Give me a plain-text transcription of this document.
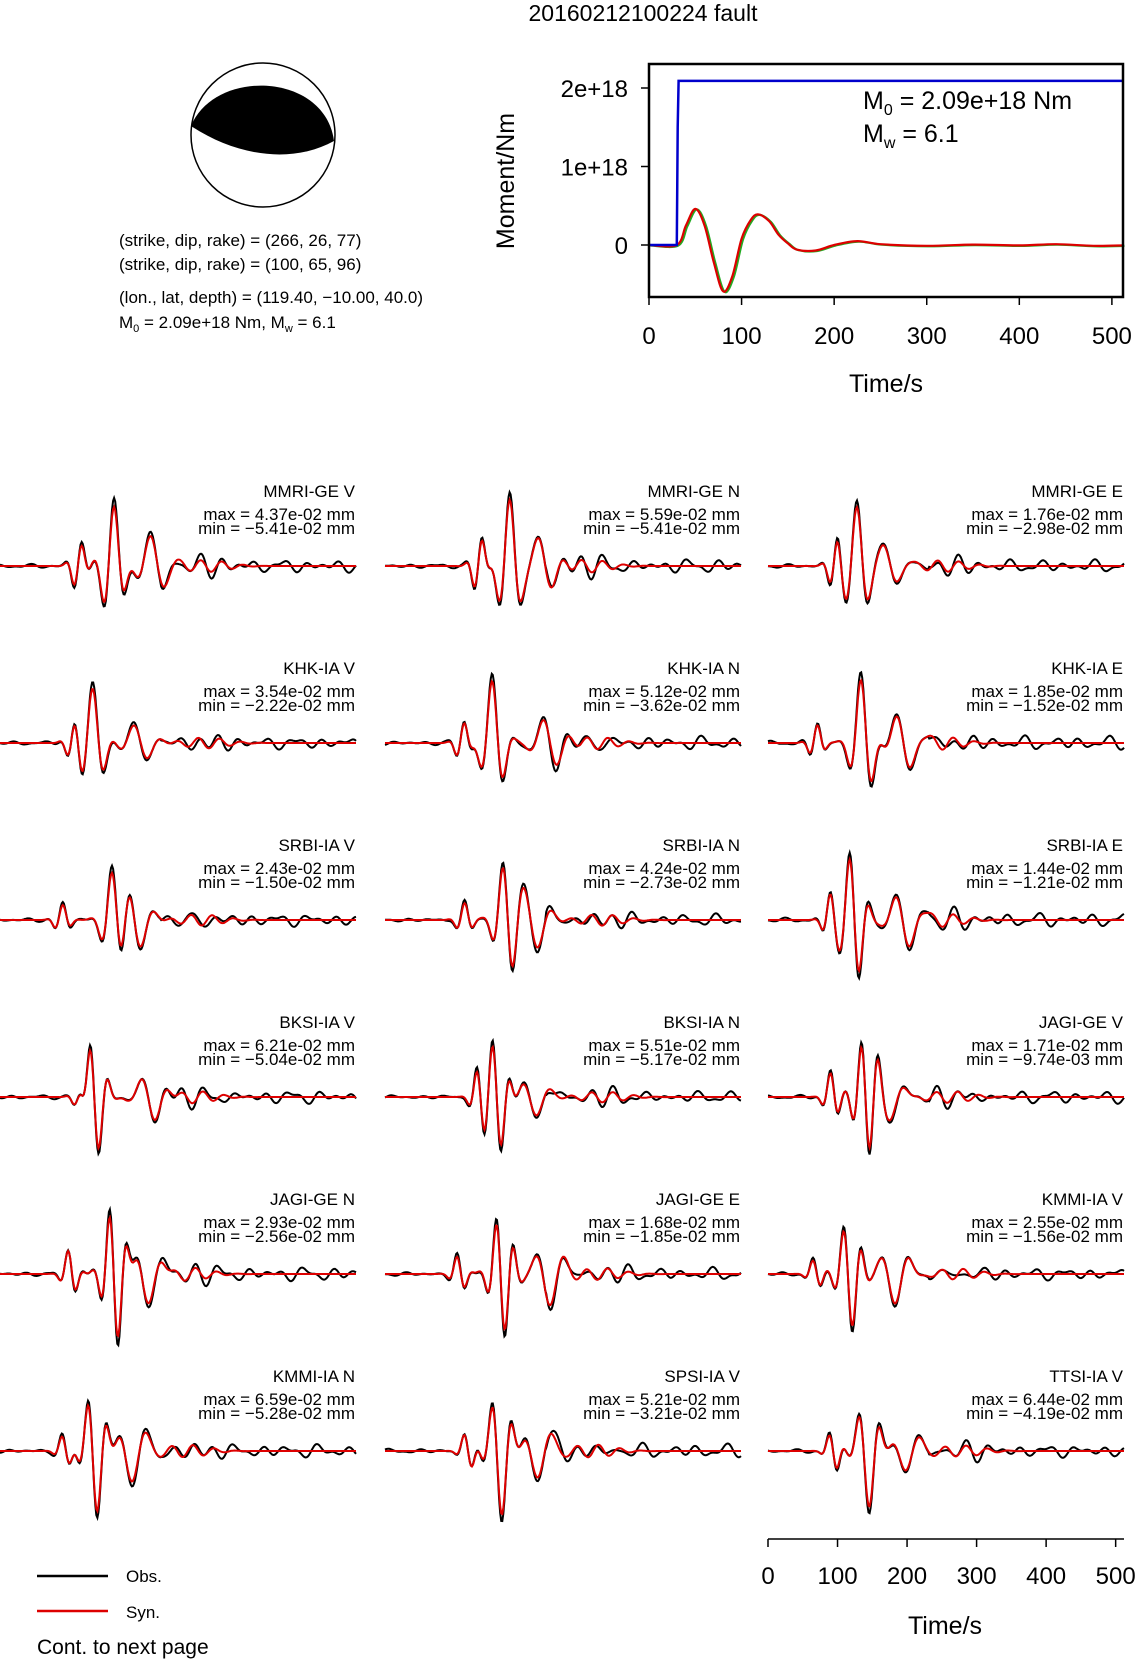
20160212100224 fault
(strike, dip, rake) = (266, 26, 77)
(strike, dip, rake) = (100, 65, 96)
(lon., lat, depth) = (119.40, −10.00, 40.0)
$M_0 = 2.09e+18$ Nm, $M_w = 6.1$
0	100 200 300 400 500
0
1e+18
2e+18
Moment/Nm
Time/s
$M_0 = 2.09e+18$ Nm
$M_w = 6.1$
MMRI-GE V
max = 4.37e-02 mm
min = −5.41e-02 mm
MMRI-GE N
max = 5.59e-02 mm
min = −5.41e-02 mm
MMRI-GE E
max = 1.76e-02 mm
min = −2.98e-02 mm
KHK-IA V
max = 3.54e-02 mm
min = −2.22e-02 mm
KHK-IA N
max = 5.12e-02 mm
min = −3.62e-02 mm
KHK-IA E
max = 1.85e-02 mm
min = −1.52e-02 mm
SRBI-IA V
max = 2.43e-02 mm
min = −1.50e-02 mm
SRBI-IA N
max = 4.24e-02 mm
min = −2.73e-02 mm
SRBI-IA E
max = 1.44e-02 mm
min = −1.21e-02 mm
BKSI-IA V
max = 6.21e-02 mm
min = −5.04e-02 mm
BKSI-IA N
max = 5.51e-02 mm
min = −5.17e-02 mm
JAGI-GE V
max = 1.71e-02 mm
min = −9.74e-03 mm
JAGI-GE N
max = 2.93e-02 mm
min = −2.56e-02 mm
JAGI-GE E
max = 1.68e-02 mm
min = −1.85e-02 mm
KMMI-IA V
max = 2.55e-02 mm
min = −1.56e-02 mm
KMMI-IA N
max = 6.59e-02 mm
min = −5.28e-02 mm
SPSI-IA V
max = 5.21e-02 mm
min = −3.21e-02 mm
TTSI-IA V
max = 6.44e-02 mm
min = −4.19e-02 mm
0 100 200 300 400 500
Time/s
Obs.
Syn.
Cont. to next page
